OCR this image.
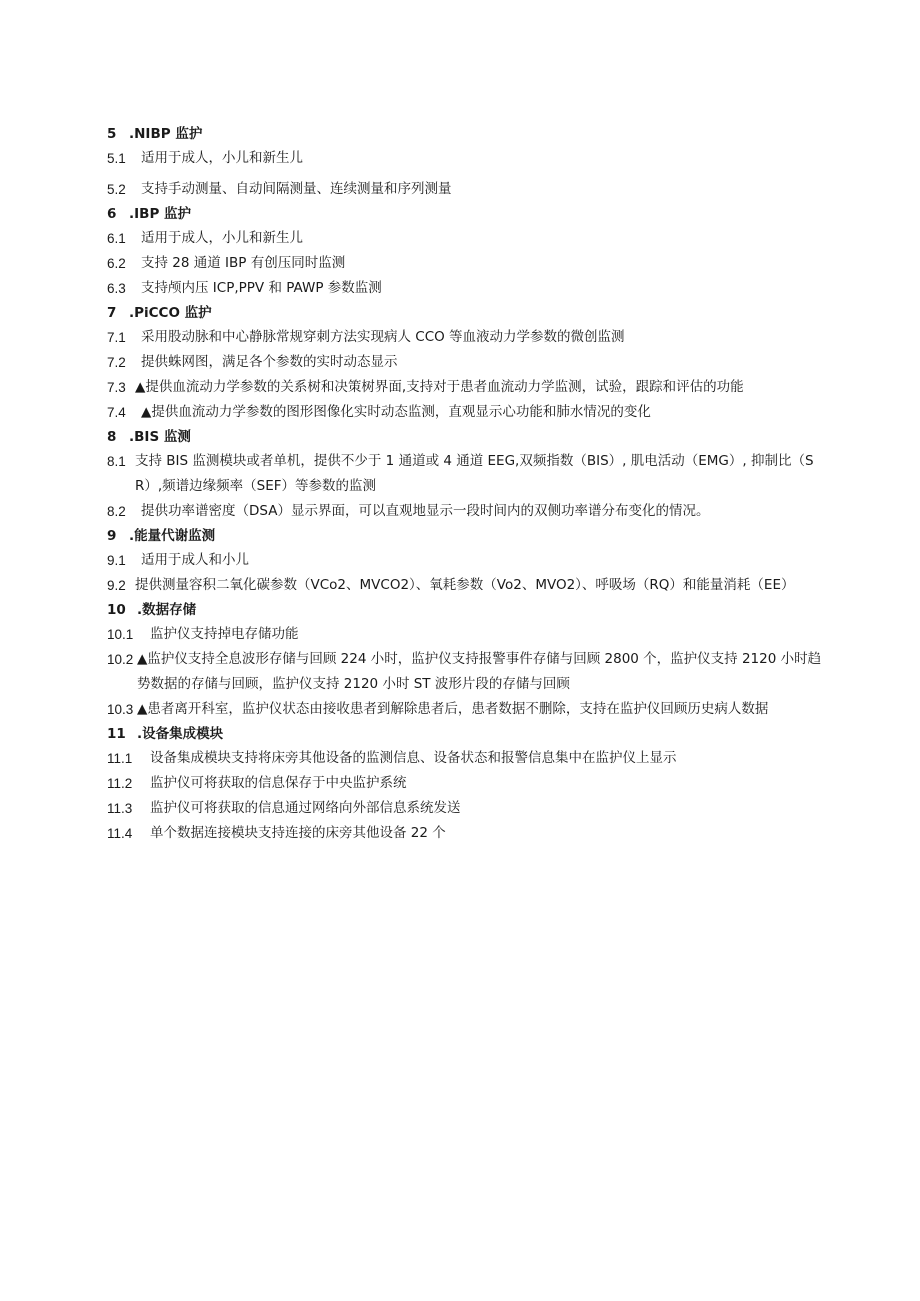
5 .NIBP 监护
5.1	适用于成人，小儿和新生儿
5.2	支持手动测量、自动间隔测量、连续测量和序列测量
6 .IBP 监护
6.1	适用于成人，小儿和新生儿
6.2	支持 28 通道 IBP 有创压同时监测
6.3	支持颅内压 ICP,PPV 和 PAWP 参数监测
7 .PiCCO 监护
7.1	采用股动脉和中心静脉常规穿刺方法实现病人 CCO 等血液动力学参数的微创监测
7.2	提供蛛网图，满足各个参数的实时动态显示
7.3 ▲提供血流动力学参数的关系树和决策树界面,支持对于患者血流动力学监测，试验，跟踪和评估的功能
7.4	▲提供血流动力学参数的图形图像化实时动态监测，直观显示心功能和肺水情况的变化
8 .BIS 监测
8.1 支持 BIS 监测模块或者单机，提供不少于 1 通道或 4 通道 EEG,双频指数（BIS）, 肌电活动（EMG）, 抑制比（SR）,频谱边缘频率（SEF）等参数的监测
8.2	提供功率谱密度（DSA）显示界面，可以直观地显示一段时间内的双侧功率谱分布变化的情况。
9 .能量代谢监测
9.1	适用于成人和小儿
9.2 提供测量容积二氧化碳参数（VCo2、MVCO2）、氧耗参数（Vo2、MVO2）、呼吸场（RQ）和能量消耗（EE）
10 .数据存储
10.1	监护仪支持掉电存储功能
10.2 ▲监护仪支持全息波形存储与回顾 224 小时，监护仪支持报警事件存储与回顾 2800 个，监护仪支持 2120 小时趋势数据的存储与回顾，监护仪支持 2120 小时 ST 波形片段的存储与回顾
10.3 ▲患者离开科室，监护仪状态由接收患者到解除患者后，患者数据不删除，支持在监护仪回顾历史病人数据
11 .设备集成模块
11.1	设备集成模块支持将床旁其他设备的监测信息、设备状态和报警信息集中在监护仪上显示
11.2	监护仪可将获取的信息保存于中央监护系统
11.3	监护仪可将获取的信息通过网络向外部信息系统发送
11.4	单个数据连接模块支持连接的床旁其他设备 22 个
